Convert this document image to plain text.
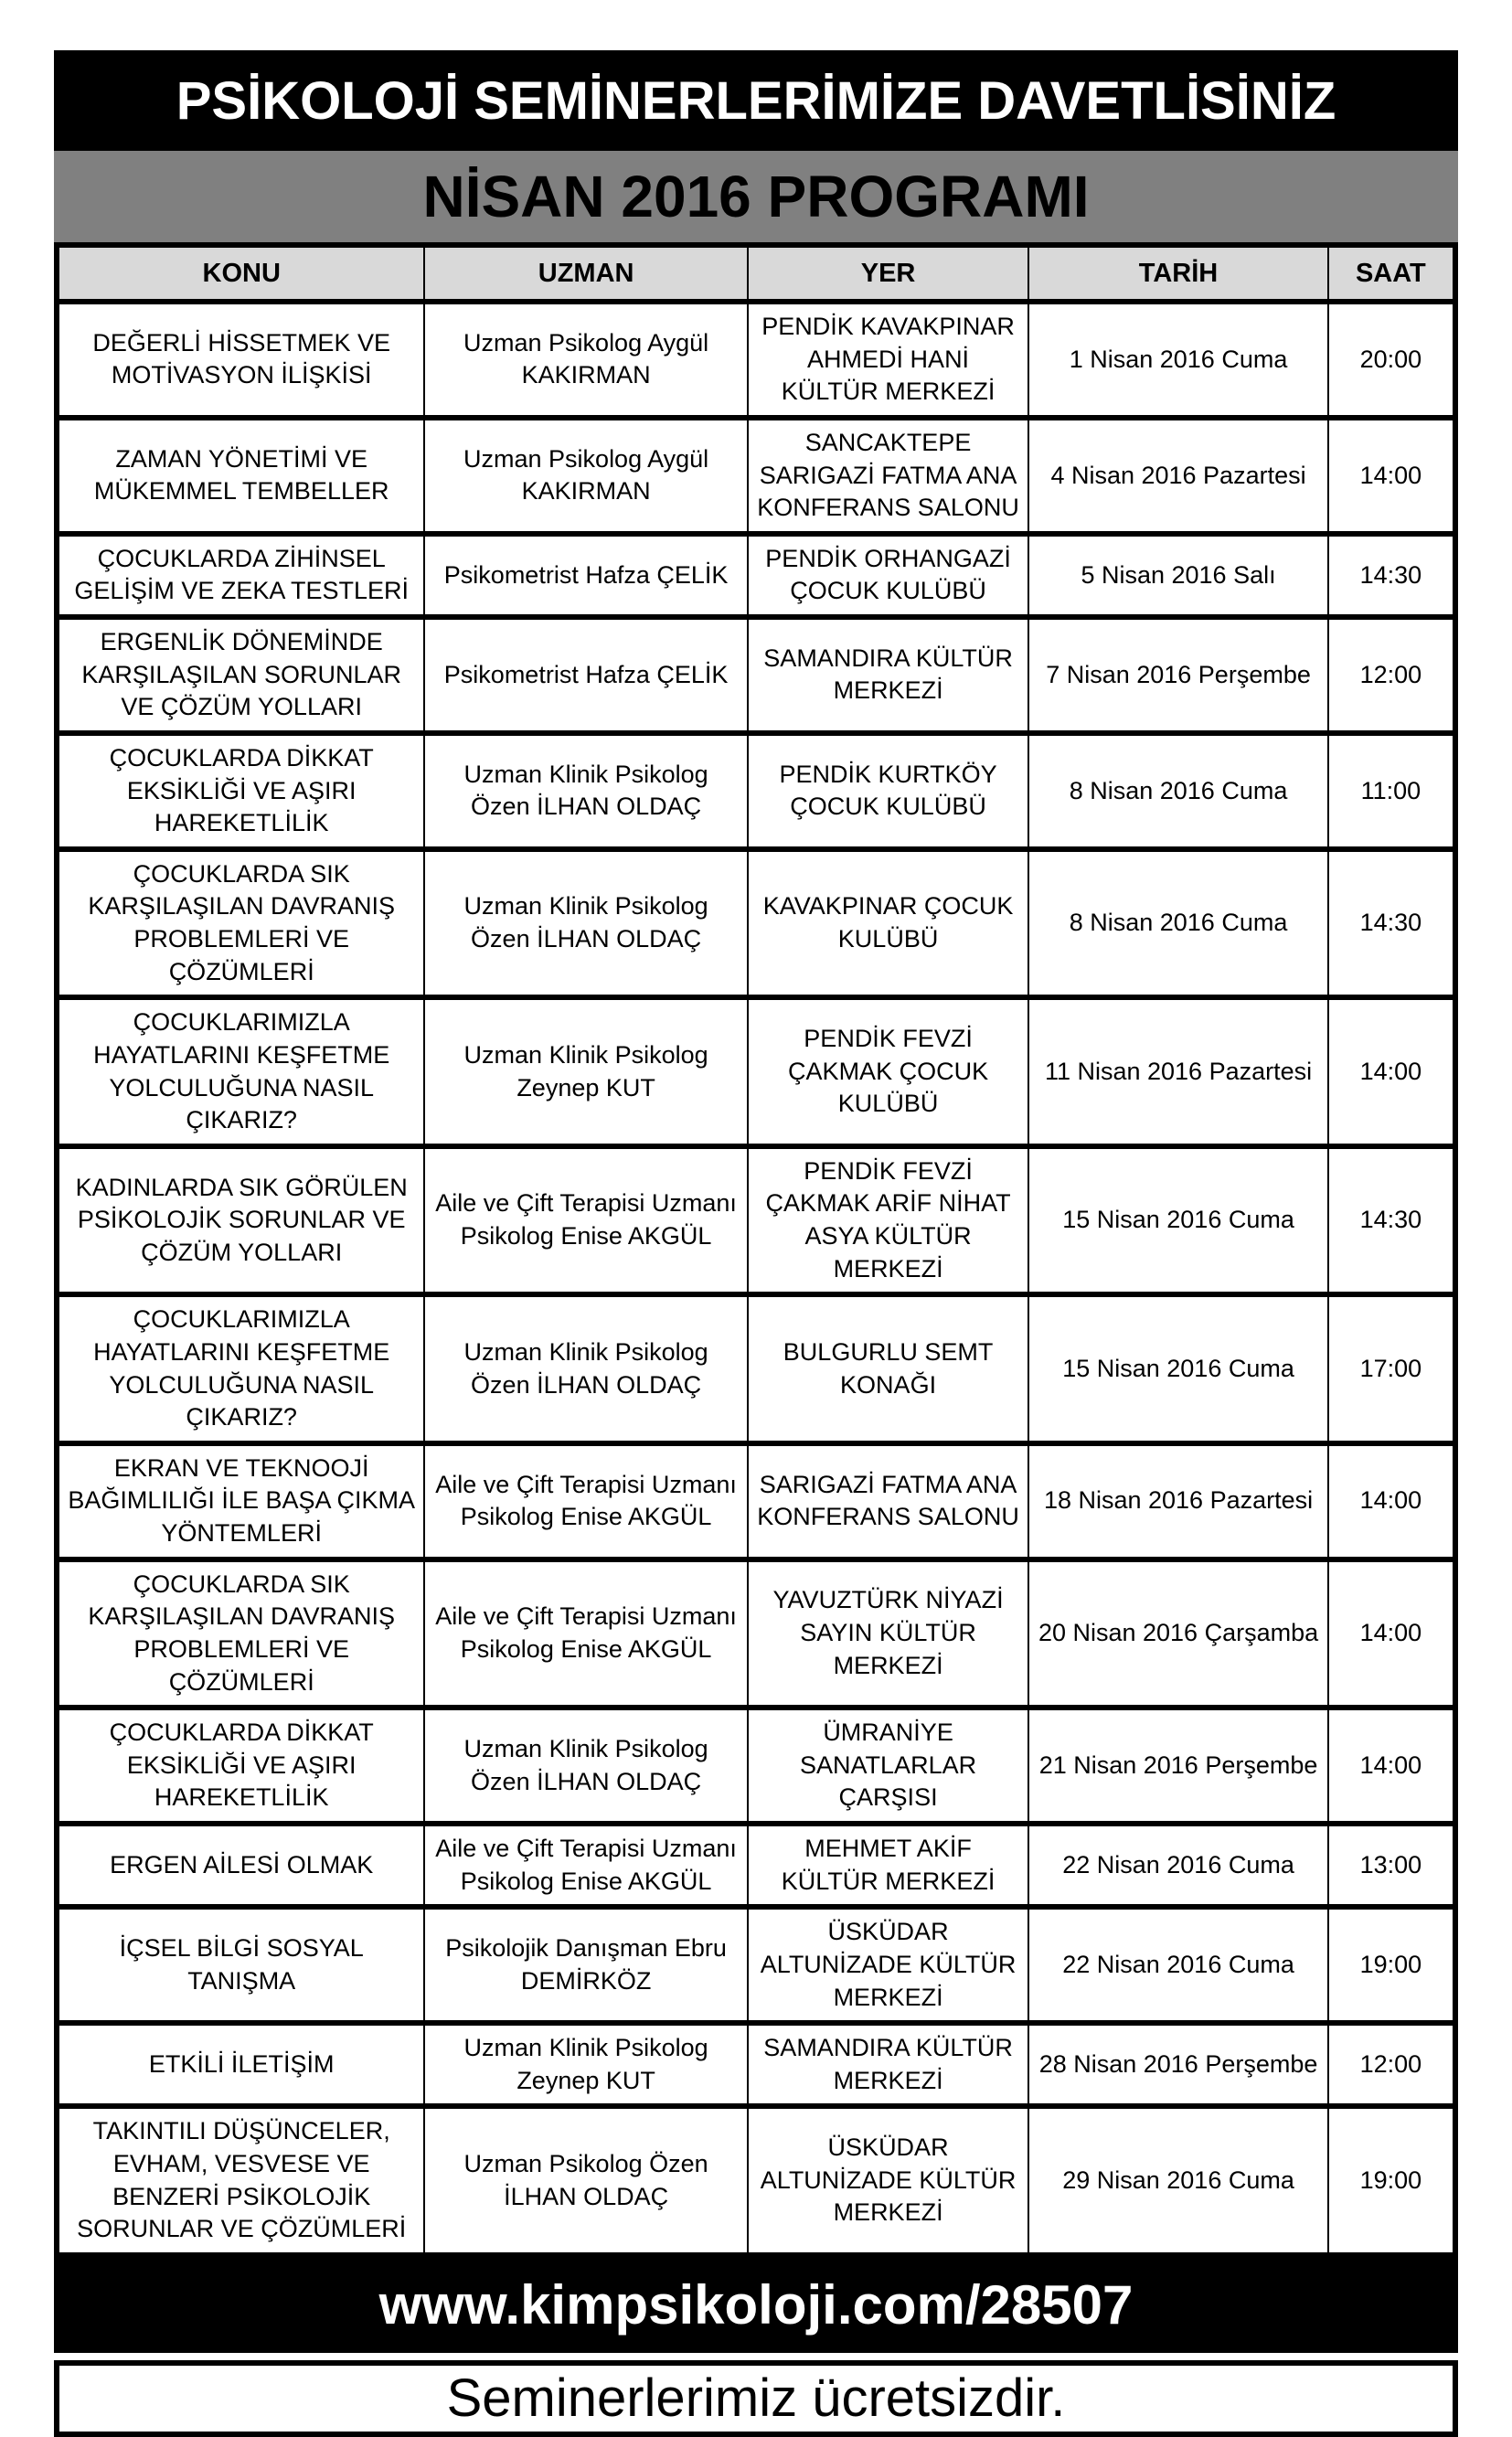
PSİKOLOJİ SEMİNERLERİMİZE DAVETLİSİNİZ
NİSAN 2016 PROGRAMI
KONU	UZMAN	YER	TARİH	SAAT
DEĞERLİ HİSSETMEK VE MOTİVASYON İLİŞKİSİ	Uzman Psikolog Aygül KAKIRMAN	PENDİK KAVAKPINAR AHMEDİ HANİ KÜLTÜR MERKEZİ	1 Nisan 2016 Cuma	20:00
ZAMAN YÖNETİMİ VE MÜKEMMEL TEMBELLER	Uzman Psikolog Aygül KAKIRMAN	SANCAKTEPE SARIGAZİ FATMA ANA KONFERANS SALONU	4 Nisan 2016 Pazartesi	14:00
ÇOCUKLARDA ZİHİNSEL GELİŞİM VE ZEKA TESTLERİ	Psikometrist Hafza ÇELİK	PENDİK ORHANGAZİ ÇOCUK KULÜBÜ	5 Nisan 2016 Salı	14:30
ERGENLİK DÖNEMİNDE KARŞILAŞILAN SORUNLAR VE ÇÖZÜM YOLLARI	Psikometrist Hafza ÇELİK	SAMANDIRA KÜLTÜR MERKEZİ	7 Nisan 2016 Perşembe	12:00
ÇOCUKLARDA DİKKAT EKSİKLİĞİ VE AŞIRI HAREKETLİLİK	Uzman Klinik Psikolog Özen İLHAN OLDAÇ	PENDİK KURTKÖY ÇOCUK KULÜBÜ	8 Nisan 2016 Cuma	11:00
ÇOCUKLARDA SIK KARŞILAŞILAN DAVRANIŞ PROBLEMLERİ VE ÇÖZÜMLERİ	Uzman Klinik Psikolog Özen İLHAN OLDAÇ	KAVAKPINAR ÇOCUK KULÜBÜ	8 Nisan 2016 Cuma	14:30
ÇOCUKLARIMIZLA HAYATLARINI KEŞFETME YOLCULUĞUNA NASIL ÇIKARIZ?	Uzman Klinik Psikolog Zeynep KUT	PENDİK FEVZİ ÇAKMAK ÇOCUK KULÜBÜ	11 Nisan 2016 Pazartesi	14:00
KADINLARDA SIK GÖRÜLEN PSİKOLOJİK SORUNLAR VE ÇÖZÜM YOLLARI	Aile ve Çift Terapisi Uzmanı Psikolog Enise AKGÜL	PENDİK FEVZİ ÇAKMAK ARİF NİHAT ASYA KÜLTÜR MERKEZİ	15 Nisan 2016 Cuma	14:30
ÇOCUKLARIMIZLA HAYATLARINI KEŞFETME YOLCULUĞUNA NASIL ÇIKARIZ?	Uzman Klinik Psikolog Özen İLHAN OLDAÇ	BULGURLU SEMT KONAĞI	15 Nisan 2016 Cuma	17:00
EKRAN VE TEKNOOJİ BAĞIMLILIĞI İLE BAŞA ÇIKMA YÖNTEMLERİ	Aile ve Çift Terapisi Uzmanı Psikolog Enise AKGÜL	SARIGAZİ FATMA ANA KONFERANS SALONU	18 Nisan 2016 Pazartesi	14:00
ÇOCUKLARDA SIK KARŞILAŞILAN DAVRANIŞ PROBLEMLERİ VE ÇÖZÜMLERİ	Aile ve Çift Terapisi Uzmanı Psikolog Enise AKGÜL	YAVUZTÜRK NİYAZİ SAYIN KÜLTÜR MERKEZİ	20 Nisan 2016 Çarşamba	14:00
ÇOCUKLARDA DİKKAT EKSİKLİĞİ VE AŞIRI HAREKETLİLİK	Uzman Klinik Psikolog Özen İLHAN OLDAÇ	ÜMRANİYE SANATLARLAR ÇARŞISI	21 Nisan 2016 Perşembe	14:00
ERGEN AİLESİ OLMAK	Aile ve Çift Terapisi Uzmanı Psikolog Enise AKGÜL	MEHMET AKİF KÜLTÜR MERKEZİ	22 Nisan 2016 Cuma	13:00
İÇSEL BİLGİ SOSYAL TANIŞMA	Psikolojik Danışman Ebru DEMİRKÖZ	ÜSKÜDAR ALTUNİZADE KÜLTÜR MERKEZİ	22 Nisan 2016 Cuma	19:00
ETKİLİ İLETİŞİM	Uzman Klinik Psikolog Zeynep KUT	SAMANDIRA KÜLTÜR MERKEZİ	28 Nisan 2016 Perşembe	12:00
TAKINTILI DÜŞÜNCELER, EVHAM, VESVESE VE BENZERİ PSİKOLOJİK SORUNLAR VE ÇÖZÜMLERİ	Uzman Psikolog Özen İLHAN OLDAÇ	ÜSKÜDAR ALTUNİZADE KÜLTÜR MERKEZİ	29 Nisan 2016 Cuma	19:00
www.kimpsikoloji.com/28507
Seminerlerimiz ücretsizdir.
